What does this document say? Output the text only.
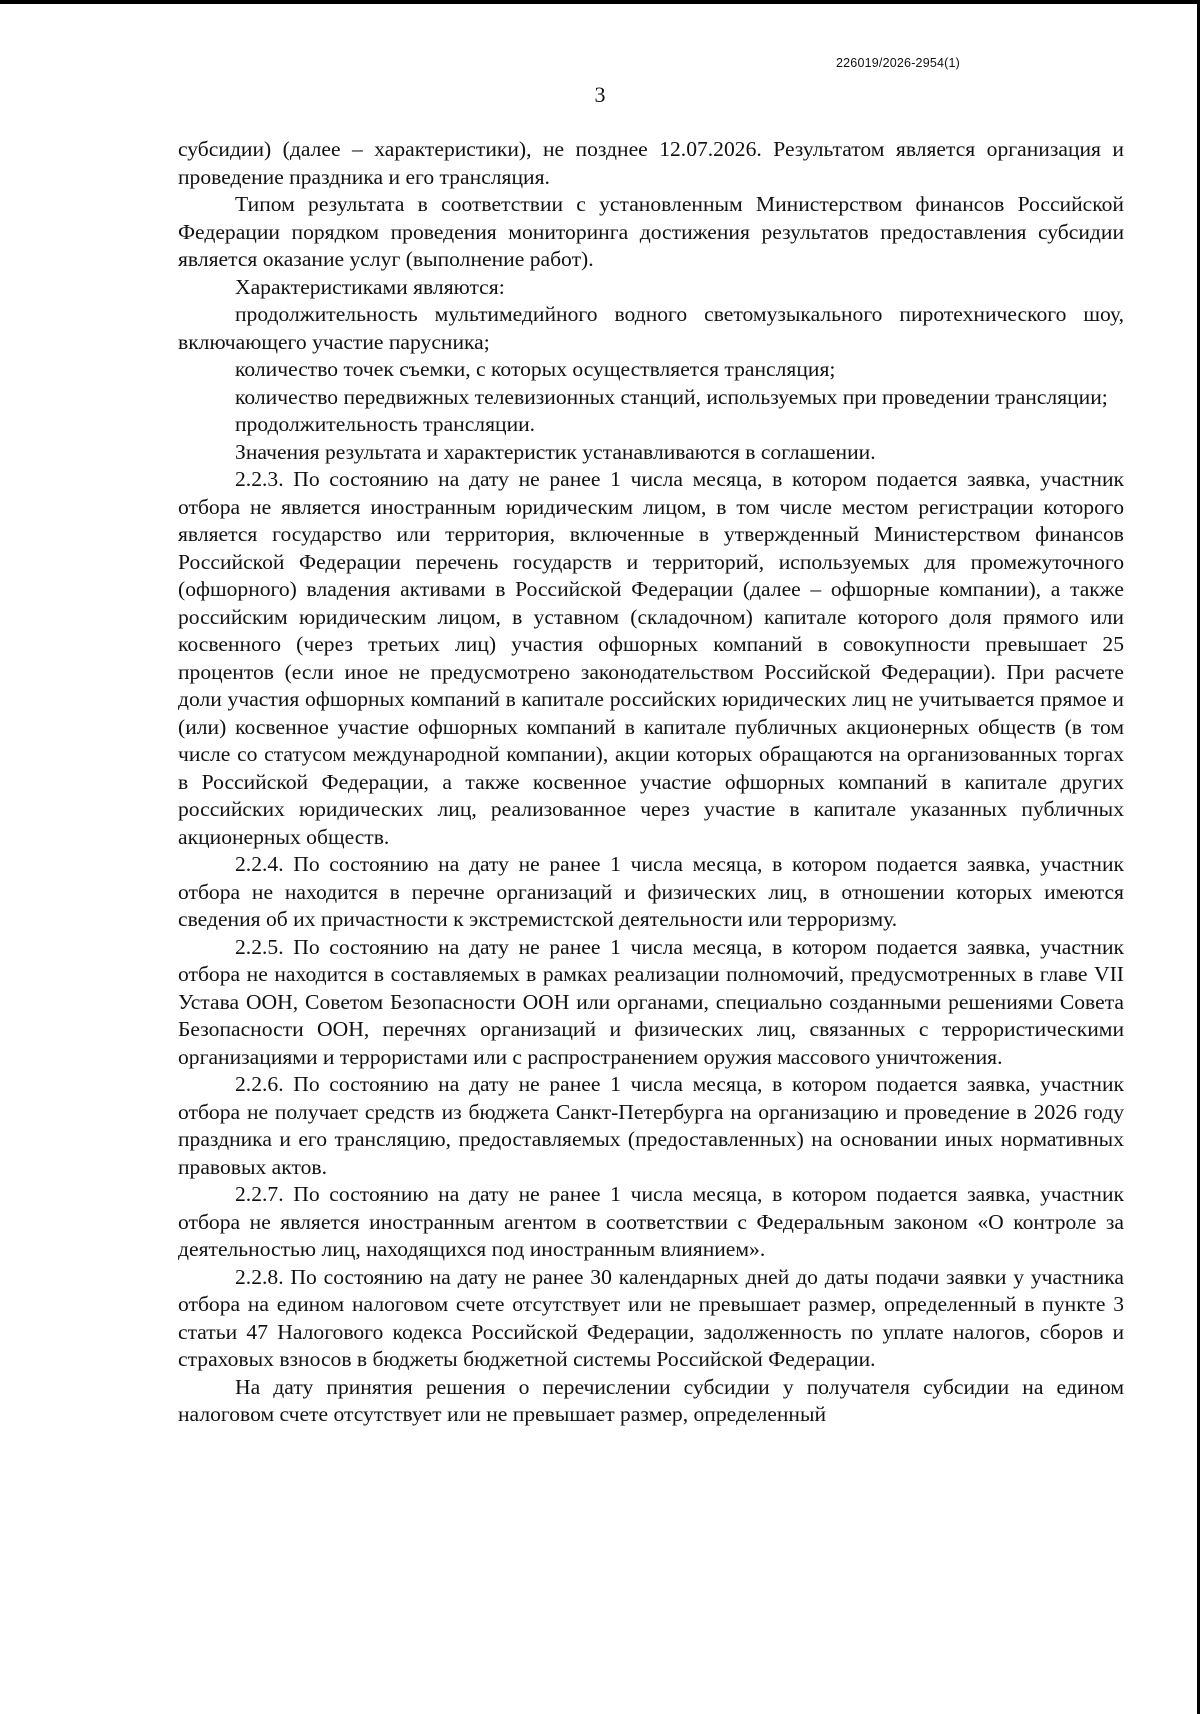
226019/2026-2954(1)
3

субсидии) (далее – характеристики), не позднее 12.07.2026. Результатом является организация и проведение праздника и его трансляция.

Типом результата в соответствии с установленным Министерством финансов Российской Федерации порядком проведения мониторинга достижения результатов предоставления субсидии является оказание услуг (выполнение работ).

Характеристиками являются:

продолжительность мультимедийного водного светомузыкального пиротехнического шоу, включающего участие парусника;

количество точек съемки, с которых осуществляется трансляция;

количество передвижных телевизионных станций, используемых при проведении трансляции;

продолжительность трансляции.

Значения результата и характеристик устанавливаются в соглашении.

2.2.3. По состоянию на дату не ранее 1 числа месяца, в котором подается заявка, участник отбора не является иностранным юридическим лицом, в том числе местом регистрации которого является государство или территория, включенные в утвержденный Министерством финансов Российской Федерации перечень государств и территорий, используемых для промежуточного (офшорного) владения активами в Российской Федерации (далее – офшорные компании), а также российским юридическим лицом, в уставном (складочном) капитале которого доля прямого или косвенного (через третьих лиц) участия офшорных компаний в совокупности превышает 25 процентов (если иное не предусмотрено законодательством Российской Федерации). При расчете доли участия офшорных компаний в капитале российских юридических лиц не учитывается прямое и (или) косвенное участие офшорных компаний в капитале публичных акционерных обществ (в том числе со статусом международной компании), акции которых обращаются на организованных торгах в Российской Федерации, а также косвенное участие офшорных компаний в капитале других российских юридических лиц, реализованное через участие в капитале указанных публичных акционерных обществ.

2.2.4. По состоянию на дату не ранее 1 числа месяца, в котором подается заявка, участник отбора не находится в перечне организаций и физических лиц, в отношении которых имеются сведения об их причастности к экстремистской деятельности или терроризму.

2.2.5. По состоянию на дату не ранее 1 числа месяца, в котором подается заявка, участник отбора не находится в составляемых в рамках реализации полномочий, предусмотренных в главе VII Устава ООН, Советом Безопасности ООН или органами, специально созданными решениями Совета Безопасности ООН, перечнях организаций и физических лиц, связанных с террористическими организациями и террористами или с распространением оружия массового уничтожения.

2.2.6. По состоянию на дату не ранее 1 числа месяца, в котором подается заявка, участник отбора не получает средств из бюджета Санкт-Петербурга на организацию и проведение в 2026 году праздника и его трансляцию, предоставляемых (предоставленных) на основании иных нормативных правовых актов.

2.2.7. По состоянию на дату не ранее 1 числа месяца, в котором подается заявка, участник отбора не является иностранным агентом в соответствии с Федеральным законом «О контроле за деятельностью лиц, находящихся под иностранным влиянием».

2.2.8. По состоянию на дату не ранее 30 календарных дней до даты подачи заявки у участника отбора на едином налоговом счете отсутствует или не превышает размер, определенный в пункте 3 статьи 47 Налогового кодекса Российской Федерации, задолженность по уплате налогов, сборов и страховых взносов в бюджеты бюджетной системы Российской Федерации.

На дату принятия решения о перечислении субсидии у получателя субсидии на едином налоговом счете отсутствует или не превышает размер, определенный
